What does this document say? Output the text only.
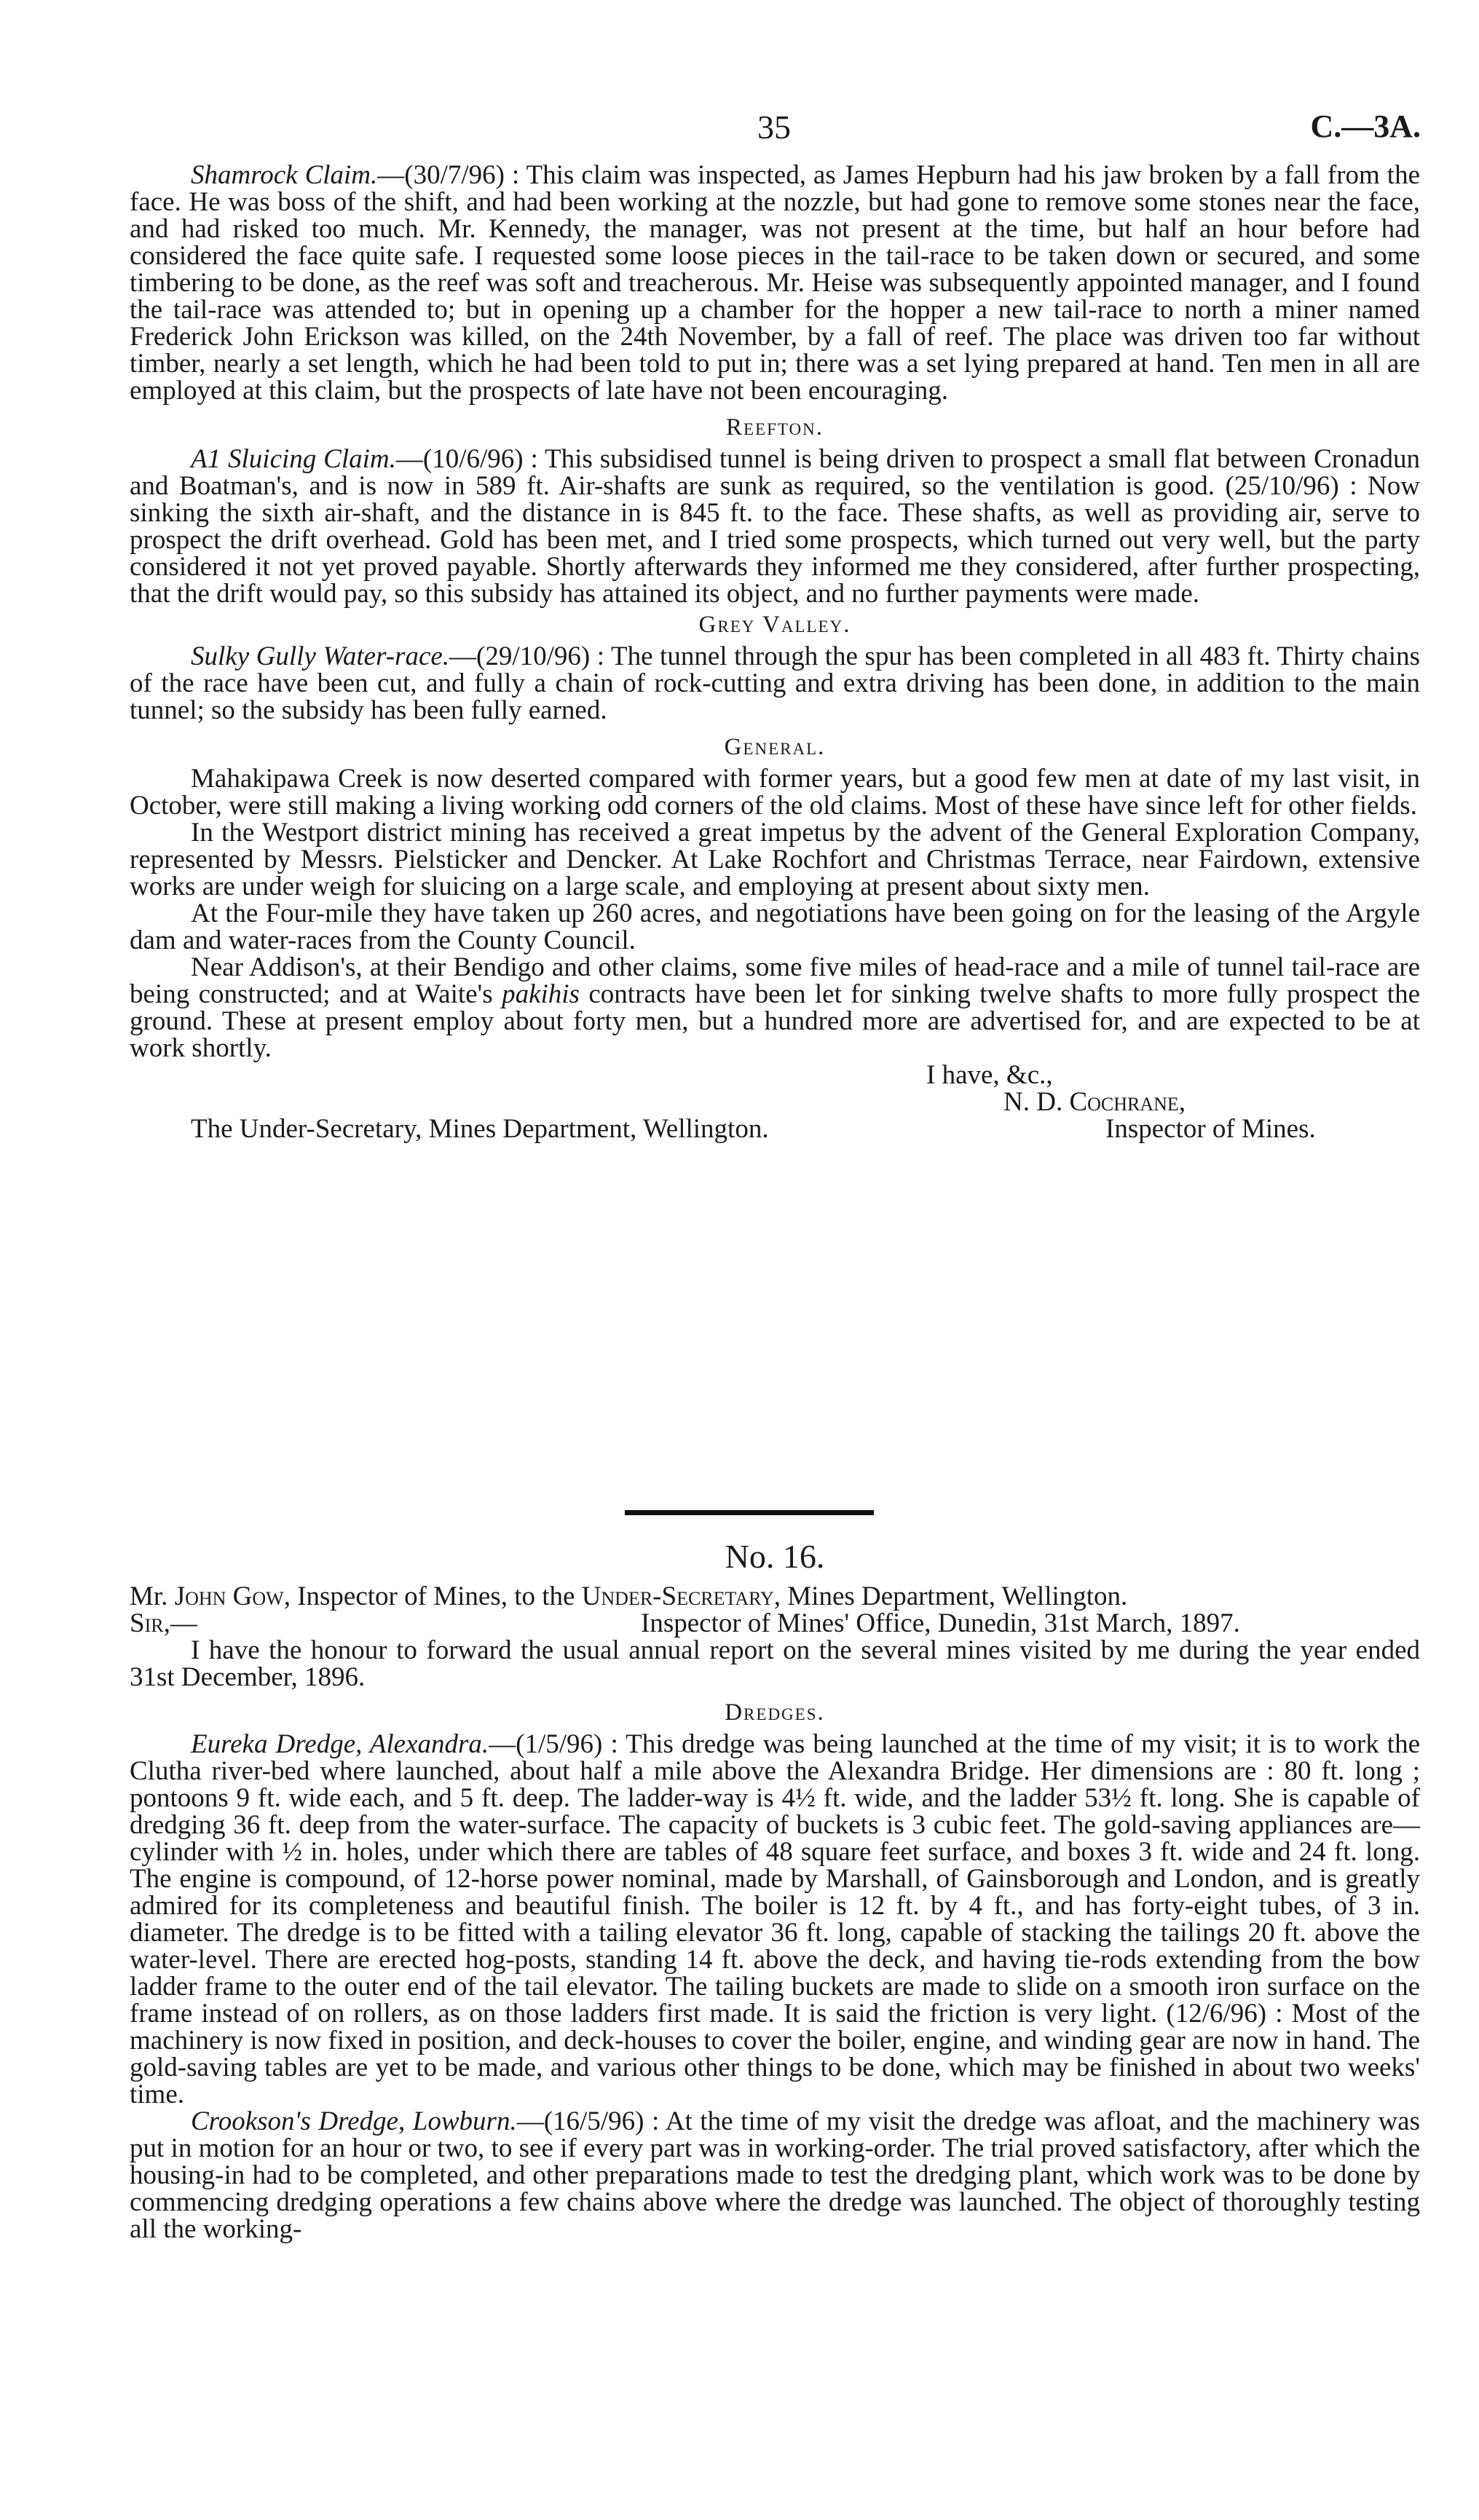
35	C.—3A.

Shamrock Claim.—(30/7/96) : This claim was inspected, as James Hepburn had his jaw broken by a fall from the face. He was boss of the shift, and had been working at the nozzle, but had gone to remove some stones near the face, and had risked too much. Mr. Kennedy, the manager, was not present at the time, but half an hour before had considered the face quite safe. I requested some loose pieces in the tail-race to be taken down or secured, and some timbering to be done, as the reef was soft and treacherous. Mr. Heise was subsequently appointed manager, and I found the tail-race was attended to; but in opening up a chamber for the hopper a new tail-race to north a miner named Frederick John Erickson was killed, on the 24th November, by a fall of reef. The place was driven too far without timber, nearly a set length, which he had been told to put in; there was a set lying prepared at hand. Ten men in all are employed at this claim, but the prospects of late have not been encouraging.

Reefton.

A1 Sluicing Claim.—(10/6/96) : This subsidised tunnel is being driven to prospect a small flat between Cronadun and Boatman's, and is now in 589 ft. Air-shafts are sunk as required, so the ventilation is good. (25/10/96) : Now sinking the sixth air-shaft, and the distance in is 845 ft. to the face. These shafts, as well as providing air, serve to prospect the drift overhead. Gold has been met, and I tried some prospects, which turned out very well, but the party considered it not yet proved payable. Shortly afterwards they informed me they considered, after further prospecting, that the drift would pay, so this subsidy has attained its object, and no further payments were made.

Grey Valley.

Sulky Gully Water-race.—(29/10/96) : The tunnel through the spur has been completed in all 483 ft. Thirty chains of the race have been cut, and fully a chain of rock-cutting and extra driving has been done, in addition to the main tunnel; so the subsidy has been fully earned.

General.

Mahakipawa Creek is now deserted compared with former years, but a good few men at date of my last visit, in October, were still making a living working odd corners of the old claims. Most of these have since left for other fields.

In the Westport district mining has received a great impetus by the advent of the General Exploration Company, represented by Messrs. Pielsticker and Dencker. At Lake Rochfort and Christmas Terrace, near Fairdown, extensive works are under weigh for sluicing on a large scale, and employing at present about sixty men.

At the Four-mile they have taken up 260 acres, and negotiations have been going on for the leasing of the Argyle dam and water-races from the County Council.

Near Addison's, at their Bendigo and other claims, some five miles of head-race and a mile of tunnel tail-race are being constructed; and at Waite's pakihis contracts have been let for sinking twelve shafts to more fully prospect the ground. These at present employ about forty men, but a hundred more are advertised for, and are expected to be at work shortly.

I have, &c.,
N. D. Cochrane,
The Under-Secretary, Mines Department, Wellington.	Inspector of Mines.
No. 16.

Mr. John Gow, Inspector of Mines, to the Under-Secretary, Mines Department, Wellington.

Sir,—	Inspector of Mines' Office, Dunedin, 31st March, 1897.

I have the honour to forward the usual annual report on the several mines visited by me during the year ended 31st December, 1896.

Dredges.

Eureka Dredge, Alexandra.—(1/5/96) : This dredge was being launched at the time of my visit; it is to work the Clutha river-bed where launched, about half a mile above the Alexandra Bridge. Her dimensions are : 80 ft. long ; pontoons 9 ft. wide each, and 5 ft. deep. The ladder-way is 4½ ft. wide, and the ladder 53½ ft. long. She is capable of dredging 36 ft. deep from the water-surface. The capacity of buckets is 3 cubic feet. The gold-saving appliances are—cylinder with ½ in. holes, under which there are tables of 48 square feet surface, and boxes 3 ft. wide and 24 ft. long. The engine is compound, of 12-horse power nominal, made by Marshall, of Gainsborough and London, and is greatly admired for its completeness and beautiful finish. The boiler is 12 ft. by 4 ft., and has forty-eight tubes, of 3 in. diameter. The dredge is to be fitted with a tailing elevator 36 ft. long, capable of stacking the tailings 20 ft. above the water-level. There are erected hog-posts, standing 14 ft. above the deck, and having tie-rods extending from the bow ladder frame to the outer end of the tail elevator. The tailing buckets are made to slide on a smooth iron surface on the frame instead of on rollers, as on those ladders first made. It is said the friction is very light. (12/6/96) : Most of the machinery is now fixed in position, and deck-houses to cover the boiler, engine, and winding gear are now in hand. The gold-saving tables are yet to be made, and various other things to be done, which may be finished in about two weeks' time.

Crookson's Dredge, Lowburn.—(16/5/96) : At the time of my visit the dredge was afloat, and the machinery was put in motion for an hour or two, to see if every part was in working-order. The trial proved satisfactory, after which the housing-in had to be completed, and other preparations made to test the dredging plant, which work was to be done by commencing dredging operations a few chains above where the dredge was launched. The object of thoroughly testing all the working-
